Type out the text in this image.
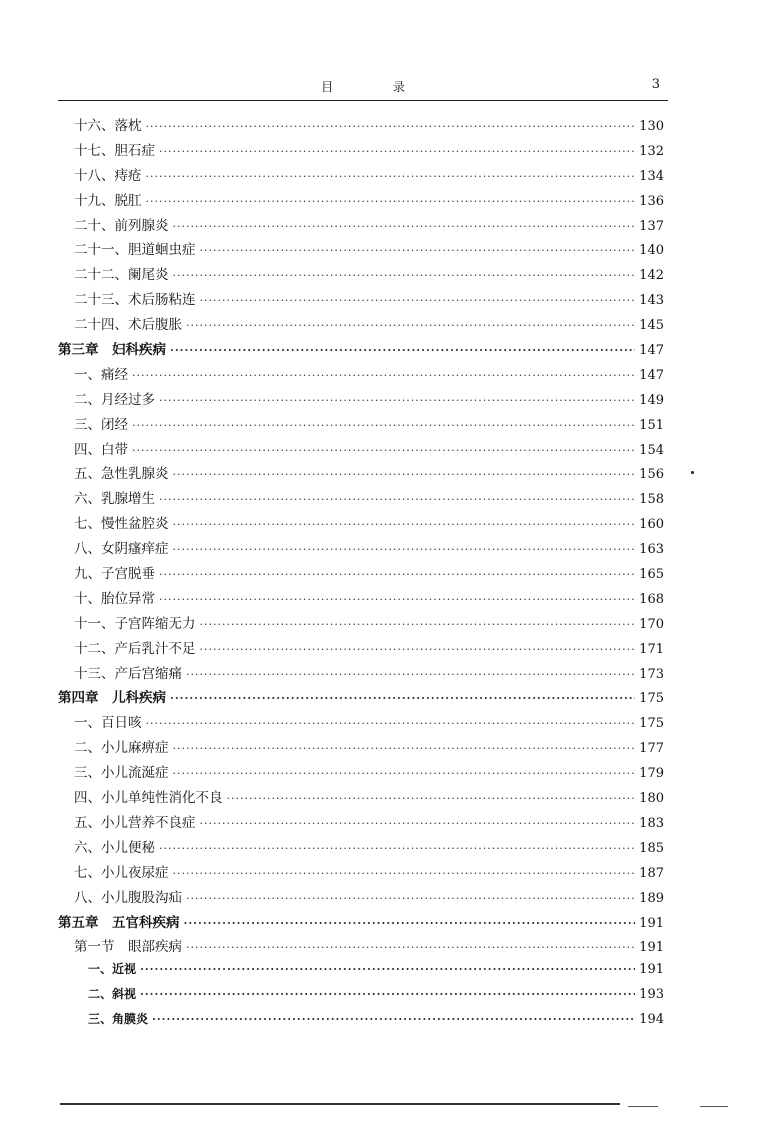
目 录	3
十六、落枕 ·····	130
十七、胆石症 ·····	132
十八、痔疮 ·····	134
十九、脱肛 ·····	136
二十、前列腺炎 ·····	137
二十一、胆道蛔虫症 ·····	140
二十二、阑尾炎 ·····	142
二十三、术后肠粘连 ·····	143
二十四、术后腹胀 ·····	145
第三章　妇科疾病 ·····	147
一、痛经 ·····	147
二、月经过多 ·····	149
三、闭经 ·····	151
四、白带 ·····	154
五、急性乳腺炎 ·····	156
六、乳腺增生 ·····	158
七、慢性盆腔炎 ·····	160
八、女阴瘙痒症 ·····	163
九、子宫脱垂 ·····	165
十、胎位异常 ·····	168
十一、子宫阵缩无力 ·····	170
十二、产后乳汁不足 ·····	171
十三、产后宫缩痛 ·····	173
第四章　儿科疾病 ·····	175
一、百日咳 ·····	175
二、小儿麻痹症 ·····	177
三、小儿流涎症 ·····	179
四、小儿单纯性消化不良 ·····	180
五、小儿营养不良症 ·····	183
六、小儿便秘 ·····	185
七、小儿夜尿症 ·····	187
八、小儿腹股沟疝 ·····	189
第五章　五官科疾病 ·····	191
第一节　眼部疾病 ·····	191
一、近视 ·····	191
二、斜视 ·····	193
三、角膜炎 ·····	194
